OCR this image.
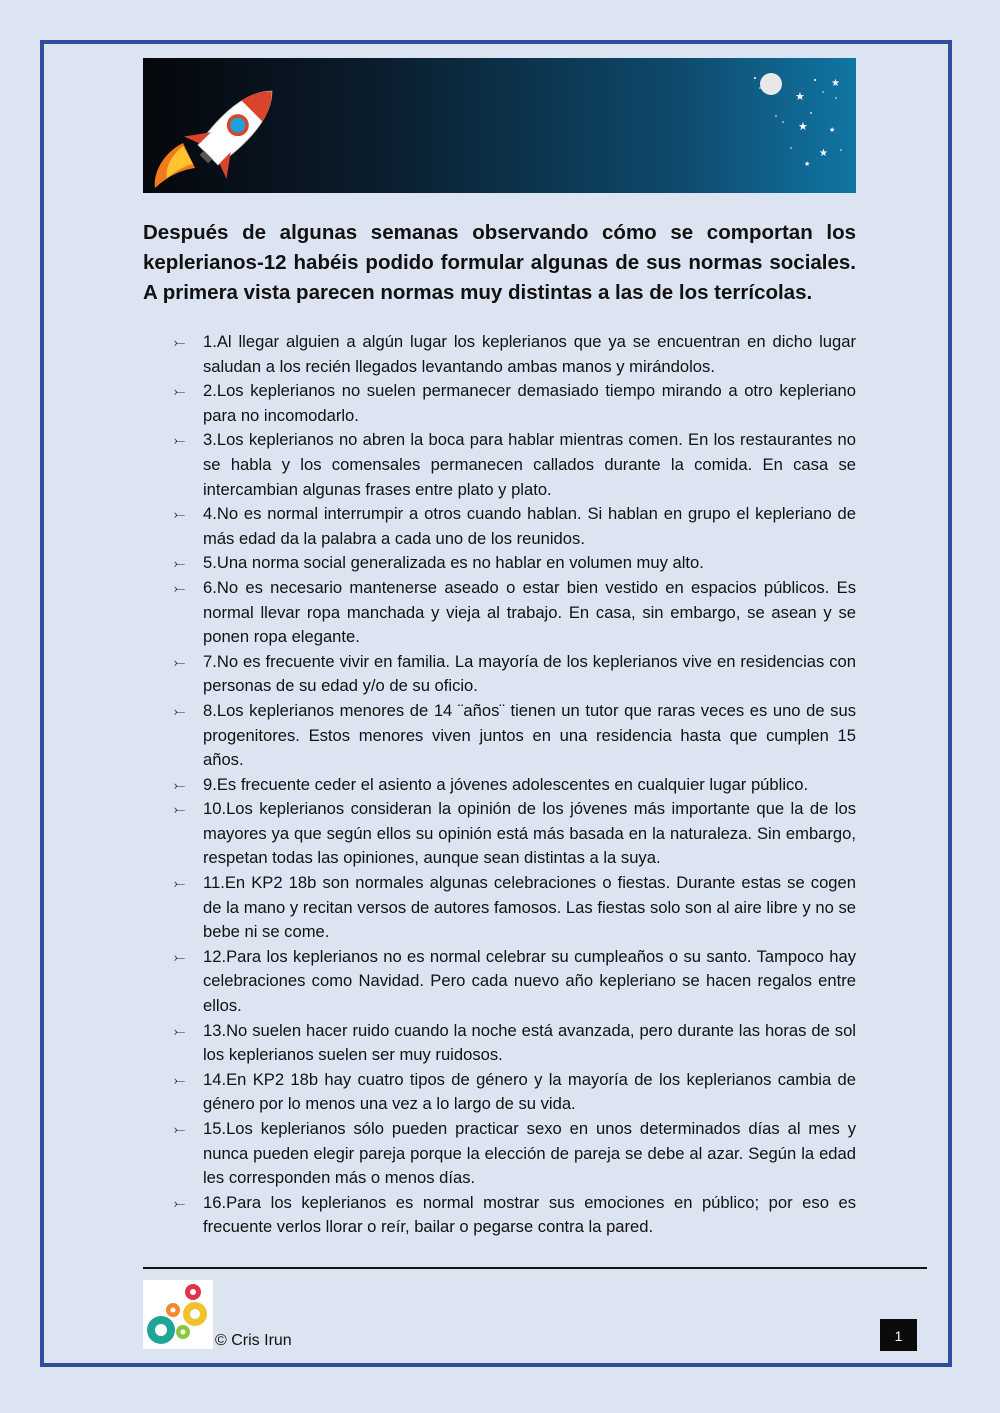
★
★
★	★
★
★
Después de algunas semanas observando cómo se comportan los keplerianos-12 habéis podido formular algunas de sus normas sociales. A primera vista parecen normas muy distintas a las de los terrícolas.
⤚ 1.Al llegar alguien a algún lugar los keplerianos que ya se encuentran en dicho lugar saludan a los recién llegados levantando ambas manos y mirándolos.
⤚ 2.Los keplerianos no suelen permanecer demasiado tiempo mirando a otro kepleriano para no incomodarlo.
⤚ 3.Los keplerianos no abren la boca para hablar mientras comen. En los restaurantes no se habla y los comensales permanecen callados durante la comida. En casa se intercambian algunas frases entre plato y plato.
⤚ 4.No es normal interrumpir a otros cuando hablan. Si hablan en grupo el kepleriano de más edad da la palabra a cada uno de los reunidos.
⤚ 5.Una norma social generalizada es no hablar en volumen muy alto.
⤚ 6.No es necesario mantenerse aseado o estar bien vestido en espacios públicos. Es normal llevar ropa manchada y vieja al trabajo. En casa, sin embargo, se asean y se ponen ropa elegante.
⤚ 7.No es frecuente vivir en familia. La mayoría de los keplerianos vive en residencias con personas de su edad y/o de su oficio.
⤚ 8.Los keplerianos menores de 14 ¨años¨ tienen un tutor que raras veces es uno de sus progenitores. Estos menores viven juntos en una residencia hasta que cumplen 15 años.
⤚ 9.Es frecuente ceder el asiento a jóvenes adolescentes en cualquier lugar público.
⤚ 10.Los keplerianos consideran la opinión de los jóvenes más importante que la de los mayores ya que según ellos su opinión está más basada en la naturaleza. Sin embargo, respetan todas las opiniones, aunque sean distintas a la suya.
⤚ 11.En KP2 18b son normales algunas celebraciones o fiestas. Durante estas se cogen de la mano y recitan versos de autores famosos. Las fiestas solo son al aire libre y no se bebe ni se come.
⤚ 12.Para los keplerianos no es normal celebrar su cumpleaños o su santo. Tampoco hay celebraciones como Navidad. Pero cada nuevo año kepleriano se hacen regalos entre ellos.
⤚ 13.No suelen hacer ruido cuando la noche está avanzada, pero durante las horas de sol los keplerianos suelen ser muy ruidosos.
⤚ 14.En KP2 18b hay cuatro tipos de género y la mayoría de los keplerianos cambia de género por lo menos una vez a lo largo de su vida.
⤚ 15.Los keplerianos sólo pueden practicar sexo en unos determinados días al mes y nunca pueden elegir pareja porque la elección de pareja se debe al azar. Según la edad les corresponden más o menos días.
⤚ 16.Para los keplerianos es normal mostrar sus emociones en público; por eso es frecuente verlos llorar o reír, bailar o pegarse contra la pared.
© Cris Irun	1
